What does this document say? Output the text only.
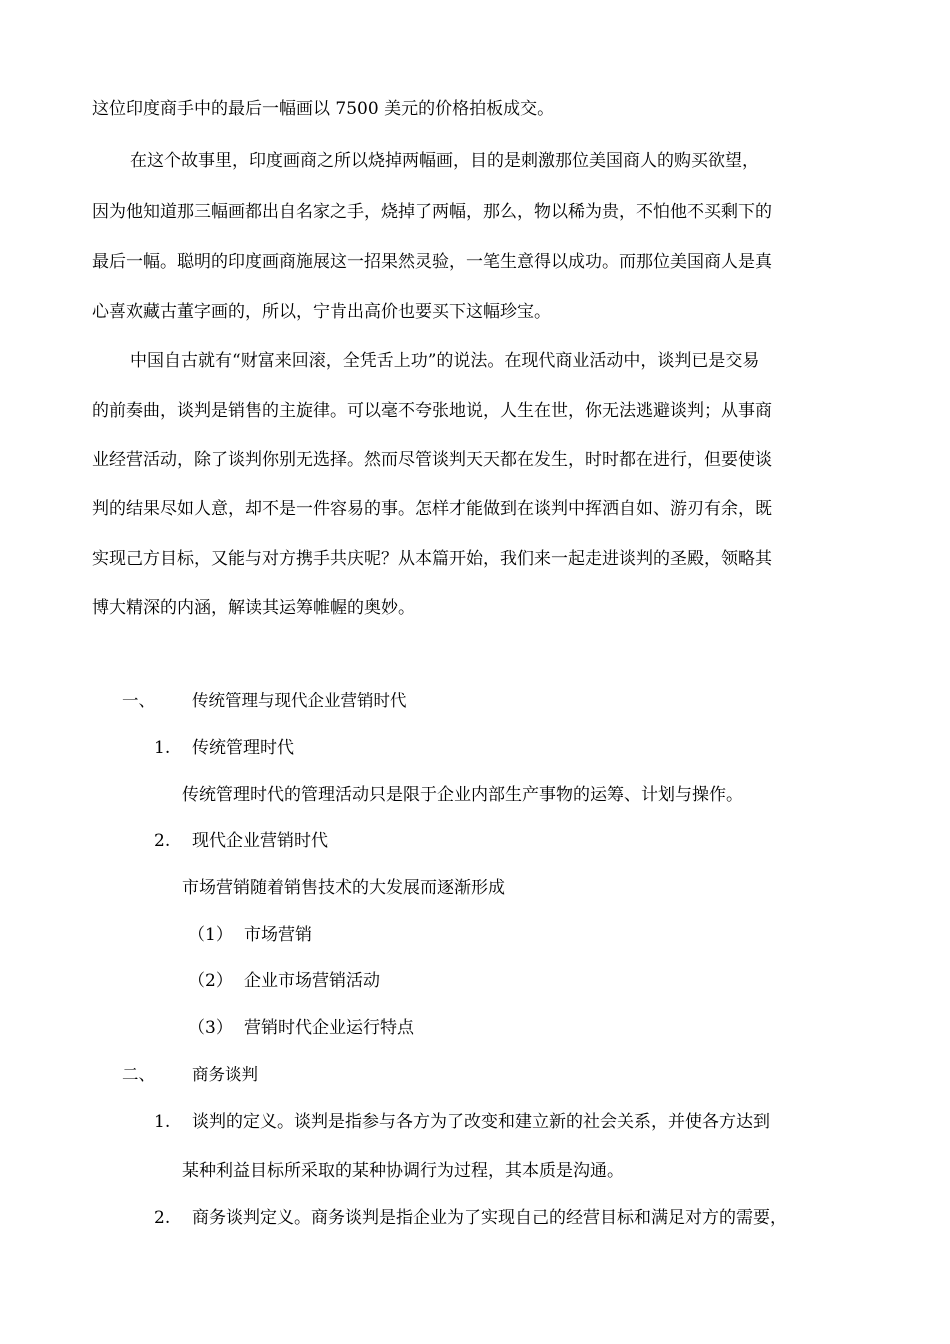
这位印度商手中的最后一幅画以 7500 美元的价格拍板成交。
在这个故事里，印度画商之所以烧掉两幅画，目的是刺激那位美国商人的购买欲望，
因为他知道那三幅画都出自名家之手，烧掉了两幅，那么，物以稀为贵，不怕他不买剩下的
最后一幅。聪明的印度画商施展这一招果然灵验，一笔生意得以成功。而那位美国商人是真
心喜欢藏古董字画的，所以，宁肯出高价也要买下这幅珍宝。
中国自古就有“财富来回滚，全凭舌上功”的说法。在现代商业活动中，谈判已是交易
的前奏曲，谈判是销售的主旋律。可以毫不夸张地说，人生在世，你无法逃避谈判；从事商
业经营活动，除了谈判你别无选择。然而尽管谈判天天都在发生，时时都在进行，但要使谈
判的结果尽如人意，却不是一件容易的事。怎样才能做到在谈判中挥洒自如、游刃有余，既
实现己方目标，又能与对方携手共庆呢？从本篇开始，我们来一起走进谈判的圣殿，领略其
博大精深的内涵，解读其运筹帷幄的奥妙。
一、 传统管理与现代企业营销时代
1. 传统管理时代
传统管理时代的管理活动只是限于企业内部生产事物的运筹、计划与操作。
2. 现代企业营销时代
市场营销随着销售技术的大发展而逐渐形成
（1） 市场营销
（2） 企业市场营销活动
（3） 营销时代企业运行特点
二、 商务谈判
1. 谈判的定义。谈判是指参与各方为了改变和建立新的社会关系，并使各方达到
某种利益目标所采取的某种协调行为过程，其本质是沟通。
2. 商务谈判定义。商务谈判是指企业为了实现自己的经营目标和满足对方的需要，
